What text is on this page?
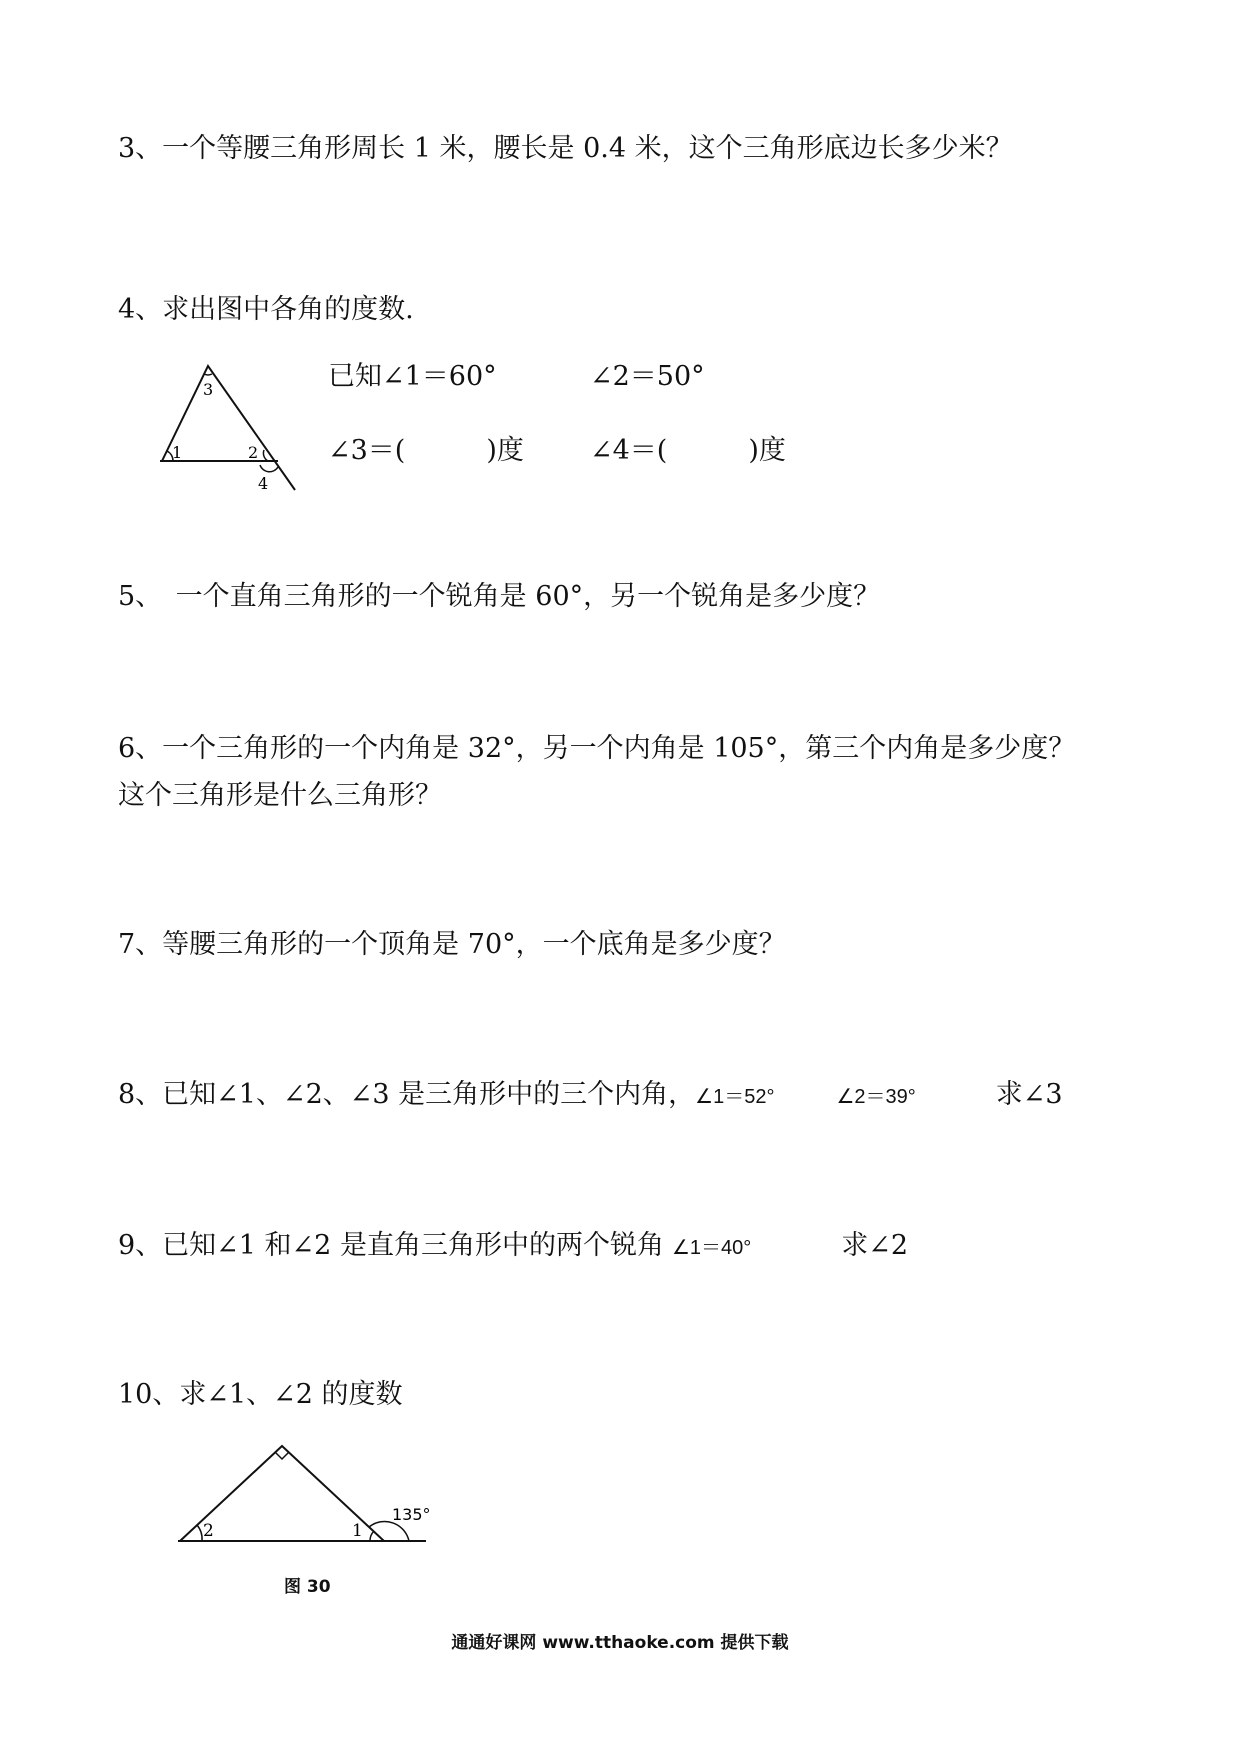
3、一个等腰三角形周长 1 米，腰长是 0.4 米，这个三角形底边长多少米？

4、求出图中各角的度数.

1	2
3
4
已知∠1＝60°	∠2＝50°
∠3＝(　　　)度 ∠4＝(　　　)度

5、　一个直角三角形的一个锐角是 60°，另一个锐角是多少度？

6、一个三角形的一个内角是 32°，另一个内角是 105°，第三个内角是多少度？

这个三角形是什么三角形？

7、等腰三角形的一个顶角是 70°，一个底角是多少度？

8、已知∠1、∠2、∠3 是三角形中的三个内角，∠1＝52°	∠2＝39°	求∠3

9、已知∠1 和∠2 是直角三角形中的两个锐角 ∠1＝40°	求∠2

10、求∠1、∠2 的度数

2	1
135°
图 30
通通好课网 www.tthaoke.com 提供下载
